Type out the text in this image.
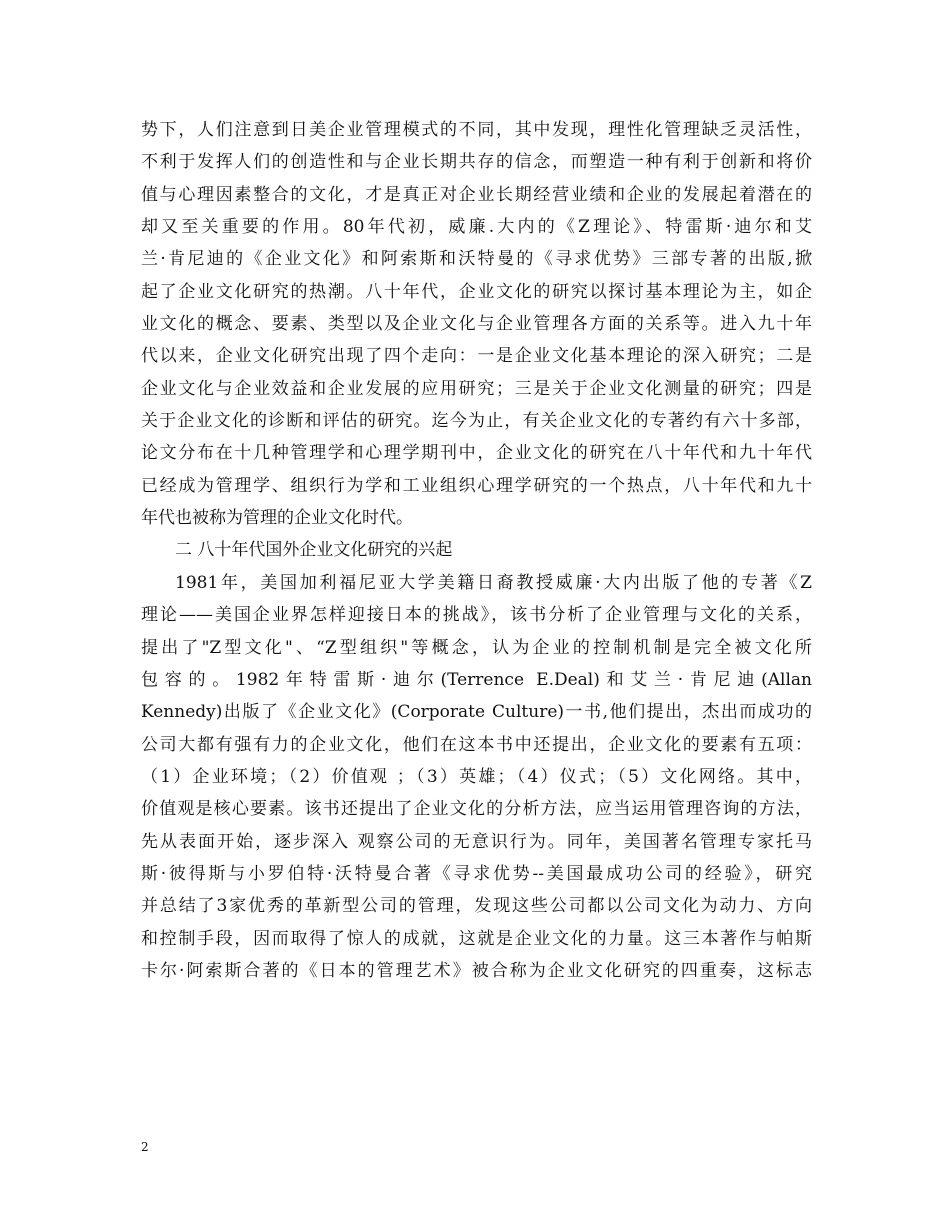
势下，人们注意到日美企业管理模式的不同，其中发现，理性化管理缺乏灵活性，
不利于发挥人们的创造性和与企业长期共存的信念，而塑造一种有利于创新和将价
值与心理因素整合的文化，才是真正对企业长期经营业绩和企业的发展起着潜在的
却又至关重要的作用。80年代初，威廉.大内的《Z理论》、特雷斯·迪尔和艾
兰·肯尼迪的《企业文化》和阿索斯和沃特曼的《寻求优势》三部专著的出版,掀
起了企业文化研究的热潮。八十年代，企业文化的研究以探讨基本理论为主，如企
业文化的概念、要素、类型以及企业文化与企业管理各方面的关系等。进入九十年
代以来，企业文化研究出现了四个走向：一是企业文化基本理论的深入研究；二是
企业文化与企业效益和企业发展的应用研究；三是关于企业文化测量的研究；四是
关于企业文化的诊断和评估的研究。迄今为止，有关企业文化的专著约有六十多部，
论文分布在十几种管理学和心理学期刊中，企业文化的研究在八十年代和九十年代
已经成为管理学、组织行为学和工业组织心理学研究的一个热点，八十年代和九十
年代也被称为管理的企业文化时代。
二 八十年代国外企业文化研究的兴起
1981年，美国加利福尼亚大学美籍日裔教授威廉·大内出版了他的专著《Z
理论——美国企业界怎样迎接日本的挑战》，该书分析了企业管理与文化的关系，
提出了"Z型文化"、“Z型组织"等概念，认为企业的控制机制是完全被文化所
包容的。1982年特雷斯·迪尔(Terrence E.Deal)和艾兰·肯尼迪(Allan
Kennedy)出版了《企业文化》(Corporate Culture)一书,他们提出，杰出而成功的
公司大都有强有力的企业文化，他们在这本书中还提出，企业文化的要素有五项：
（1）企业环境；（2）价值观 ；（3）英雄；（4）仪式；（5）文化网络。其中，
价值观是核心要素。该书还提出了企业文化的分析方法，应当运用管理咨询的方法，
先从表面开始，逐步深入 观察公司的无意识行为。同年，美国著名管理专家托马
斯·彼得斯与小罗伯特·沃特曼合著《寻求优势--美国最成功公司的经验》，研究
并总结了3家优秀的革新型公司的管理，发现这些公司都以公司文化为动力、方向
和控制手段，因而取得了惊人的成就，这就是企业文化的力量。这三本著作与帕斯
卡尔·阿索斯合著的《日本的管理艺术》被合称为企业文化研究的四重奏，这标志
2
